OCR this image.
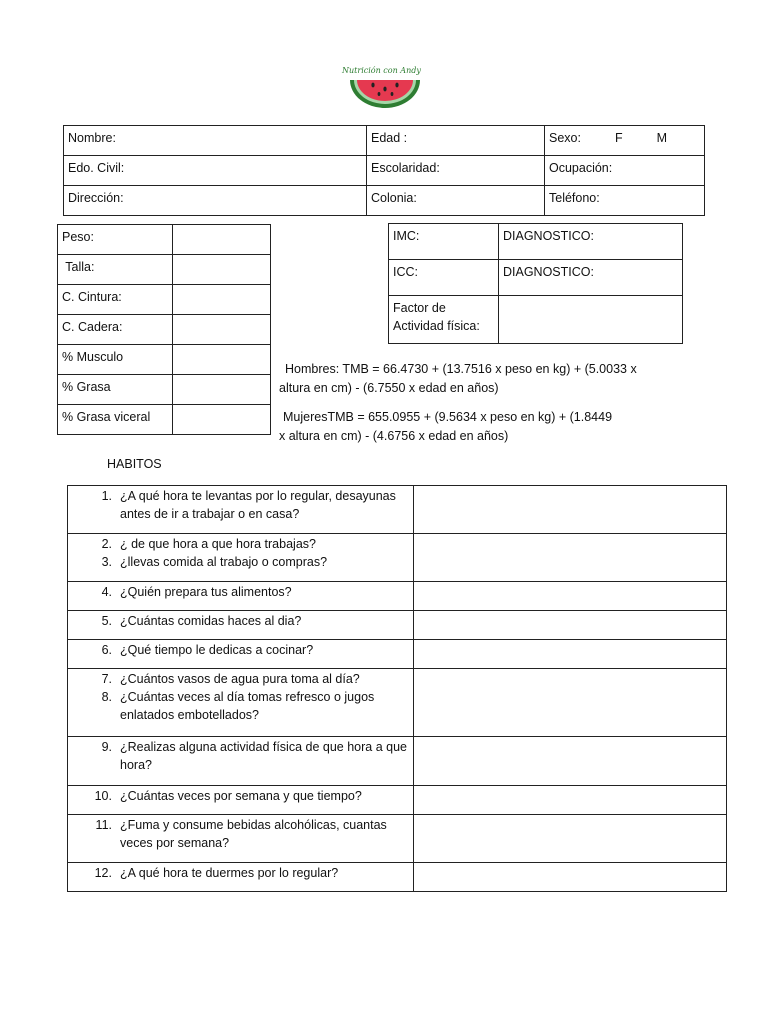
Nutrición con Andy
Nombre:	Edad :	Sexo: F M
Edo. Civil:	Escolaridad:	Ocupación:
Dirección:	Colonia:	Teléfono:
Peso:	
Talla:	
C. Cintura:	
C. Cadera:	
% Musculo	
% Grasa	
% Grasa viceral	
IMC:	DIAGNOSTICO:
ICC:	DIAGNOSTICO:

Factor de
Actividad física:	

Hombres: TMB = 66.4730 + (13.7516 x peso en kg) + (5.0033 x
altura en cm) - (6.7550 x edad en años)
MujeresTMB = 655.0955 + (9.5634 x peso en kg) + (1.8449
x altura en cm) - (4.6756 x edad en años)
HABITOS
1. ¿A qué hora te levantas por lo regular, desayunas
antes de ir a trabajar o en casa?	

2. ¿ de que hora a que hora trabajas?
3. ¿llevas comida al trabajo o compras?	

4. ¿Quién prepara tus alimentos?	

5. ¿Cuántas comidas haces al dia?	

6. ¿Qué tiempo le dedicas a cocinar?	

7. ¿Cuántos vasos de agua pura toma al día?
8. ¿Cuántas veces al día tomas refresco o jugos
enlatados embotellados?	

9. ¿Realizas alguna actividad física de que hora a que
hora?	

10. ¿Cuántas veces por semana y que tiempo?	

11. ¿Fuma y consume bebidas alcohólicas, cuantas
veces por semana?	

12. ¿A qué hora te duermes por lo regular?	
